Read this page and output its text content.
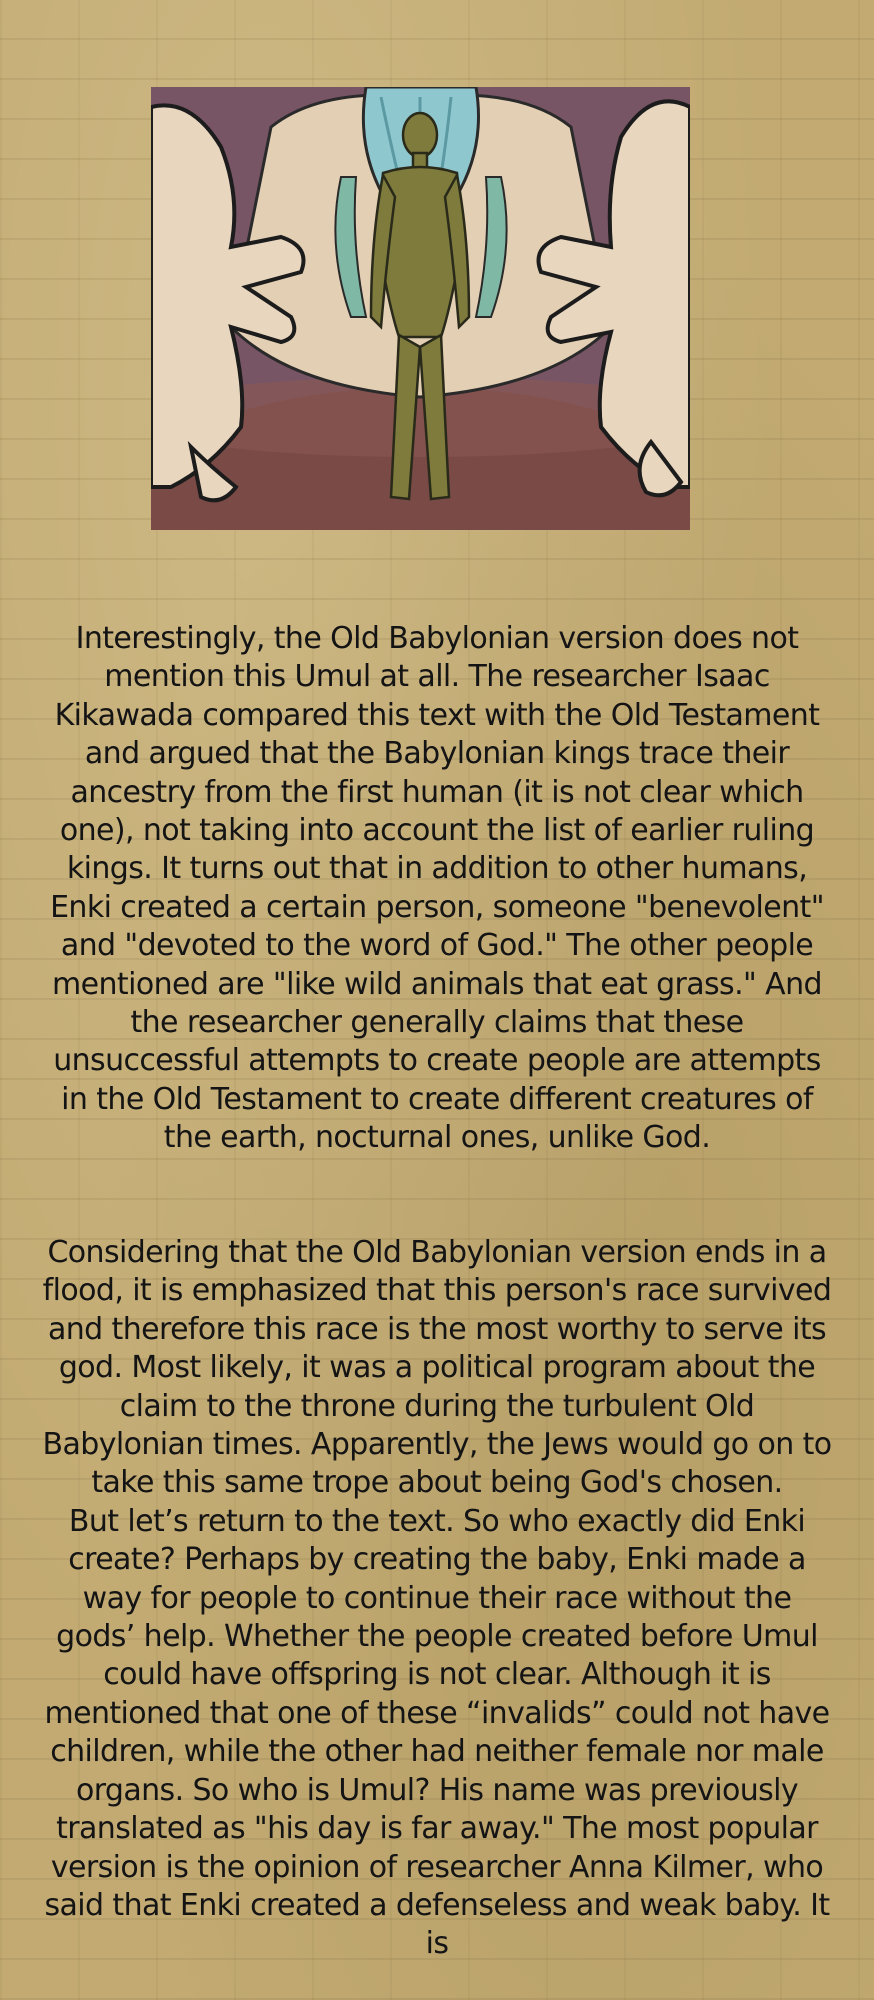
Interestingly, the Old Babylonian version does not mention this Umul at all. The researcher Isaac Kikawada compared this text with the Old Testament and argued that the Babylonian kings trace their ancestry from the first human (it is not clear which one), not taking into account the list of earlier ruling kings. It turns out that in addition to other humans, Enki created a certain person, someone "benevolent" and "devoted to the word of God." The other people mentioned are "like wild animals that eat grass." And the researcher generally claims that these unsuccessful attempts to create people are attempts in the Old Testament to create different creatures of the earth, nocturnal ones, unlike God.
Considering that the Old Babylonian version ends in a flood, it is emphasized that this person's race survived and therefore this race is the most worthy to serve its god. Most likely, it was a political program about the claim to the throne during the turbulent Old Babylonian times. Apparently, the Jews would go on to take this same trope about being God's chosen.
But let’s return to the text. So who exactly did Enki create? Perhaps by creating the baby, Enki made a way for people to continue their race without the gods’ help. Whether the people created before Umul could have offspring is not clear. Although it is mentioned that one of these “invalids” could not have children, while the other had neither female nor male organs. So who is Umul? His name was previously translated as "his day is far away." The most popular version is the opinion of researcher Anna Kilmer, who said that Enki created a defenseless and weak baby. It is
